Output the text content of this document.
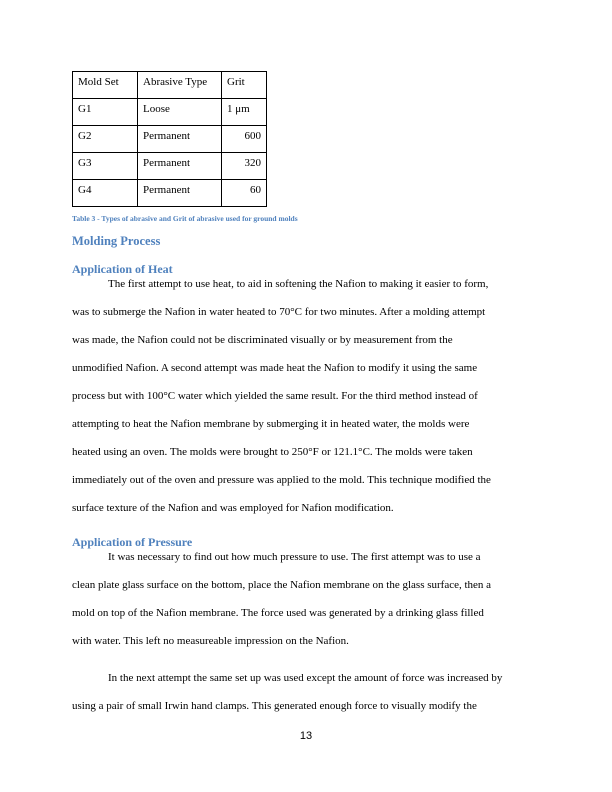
Mold Set	Abrasive Type	Grit
G1	Loose	1 μm
G2	Permanent	600
G3	Permanent	320
G4	Permanent	60
Table 3 - Types of abrasive and Grit of abrasive used for ground molds
Molding Process
Application of Heat
The first attempt to use heat, to aid in softening the Nafion to making it easier to form,
was to submerge the Nafion in water heated to 70°C for two minutes. After a molding attempt
was made, the Nafion could not be discriminated visually or by measurement from the
unmodified Nafion. A second attempt was made heat the Nafion to modify it using the same
process but with 100°C water which yielded the same result. For the third method instead of
attempting to heat the Nafion membrane by submerging it in heated water, the molds were
heated using an oven. The molds were brought to 250°F or 121.1°C. The molds were taken
immediately out of the oven and pressure was applied to the mold. This technique modified the
surface texture of the Nafion and was employed for Nafion modification.
Application of Pressure
It was necessary to find out how much pressure to use. The first attempt was to use a
clean plate glass surface on the bottom, place the Nafion membrane on the glass surface, then a
mold on top of the Nafion membrane. The force used was generated by a drinking glass filled
with water. This left no measureable impression on the Nafion.
In the next attempt the same set up was used except the amount of force was increased by
using a pair of small Irwin hand clamps. This generated enough force to visually modify the
13
